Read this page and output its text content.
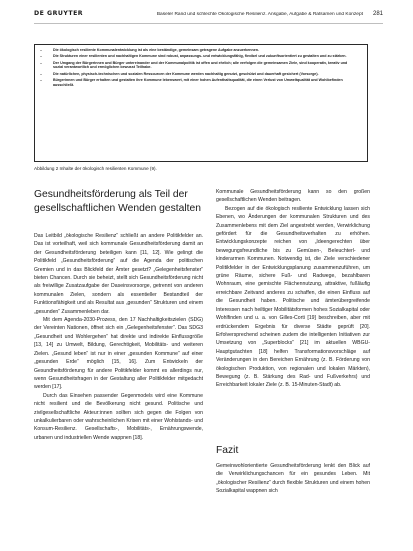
DE GRUYTER	Baseler Rand und schlechte Ökologische Resilienz. Ansgabe, Aufgabe & Ratsamen und Konzept	281
–	Die ökologisch resiliente Kommunalentwicklung ist als eine beständige, gemeinsam getragene Aufgabe anzuerkennen.
–	Die Strukturen einer resilienten und nachhaltigen Kommune sind robust, anpassungs- und entwicklungsfähig, flexibel und zukunftsorientiert zu gestalten und zu stärken.
–	Der Umgang der Bürgerinnen und Bürger untereinander und der Kommunalpolitik ist offen und ehrlich; alle verfolgen die gemeinsamen Ziele, sind kooperativ, kreativ und sozial verantwortlich und ermöglichen bewusst Teilhabe.
–	Die natürlichen, physisch-technischen und sozialen Ressourcen der Kommune werden nachhaltig genutzt, geschützt und dauerhaft gesichert (Vorsorge).
–	Bürgerinnen und Bürger erhalten und gestalten ihre Kommune lebenswert, mit einer hohen Aufenthaltsqualität, die einen Verlust von Umweltqualität und Wohlbefinden ausschließt.
Abbildung 2 Inhalte der ökologisch resilienten Kommune (9).
Gesundheitsförderung als Teil der gesellschaftlichen Wenden gestalten

Das Leitbild „ökologische Resilienz“ schließt an andere Politikfelder an. Das ist vorteilhaft, weil sich kommunale Gesundheitsförderung damit an der Gesundheitsförderung beteiligen kann [11, 12]. Wie gelingt die Politikfeld „Gesundheitsförderung“ auf die Agenda der politischen Gremien und in das Blickfeld der Ämter gesetzt? „Gelegenheitsfenster“ bieten Chancen. Durch sie beheizt, stellt sich Gesundheitsförderung nicht als freiwillige Zusatzaufgabe der Daseinsvorsorge, getrennt von anderen kommunalen Zielen, sondern als essentieller Bestandteil der Funktionsfähigkeit und als Resultat aus „gesunden“ Strukturen und einem „gesunden“ Zusammenleben dar.

Mit dem Agenda-2030-Prozess, den 17 Nachhaltigkeitszielen (SDG) der Vereinten Nationen, öffnet sich ein „Gelegenheitsfenster“. Das SDG3 „Gesundheit und Wohlergehen“ hat direkte und indirekte Einflussgröße [13, 14] zu Umwelt, Bildung, Gerechtigkeit, Mobilitäts- und weiteren Zielen. „Gesund leben“ ist nur in einer „gesunden Kommune“ auf einer „gesunden Erde“ möglich [15, 16]. Zum Entwickeln der Gesundheitsförderung für andere Politikfelder kommt es allerdings nur, wenn Gesundheitsfragen in der Gestaltung aller Politikfelder mitgedacht werden [17].

Durch das Einsehen passender Gegenmodels wird eine Kommune nicht resilient und die Bevölkerung nicht gesund. Politische und zivilgesellschaftliche Akteur:innen sollten sich gegen die Folgen von unkalkulierbaren oder wahrscheinlichen Krisen mit einer Wohlstands- und Konsum-Resilienz. Gesellschafts-, Mobilitäts-, Ernährungswende, urbanen und industriellen Wende wappnen [18].

Kommunale Gesundheitsförderung kann so den großen gesellschaftlichen Wenden beitragen.

Bezogen auf die ökologisch resiliente Entwicklung lassen sich Ebenen, wo Änderungen der kommunalen Strukturen und des Zusammenlebens mit dem Ziel angestrebt werden, Verwirklichung gefördert für die Gesundheitsverhalten zu erhöhen. Entwicklungskonzepte reichen von „Ideengerechten über bewegungsfreundliche bis zu Gemüsen-, Beleuchterl- und kinderarmen Kommunen. Notwendig ist, die Ziele verschiedener Politikfelder in der Entwicklungsplanung zusammenzuführen, um grüne Räume, sichere Fuß- und Radwege, bezahlbaren Wohnraum, eine gemischte Flächennutzung, attraktive, fußläufig erreichbare Zeitvand anderes zu schaffen, die einen Einfluss auf die Gesundheit haben. Politische und ämterübergreifende Interessen nach heiltiger Mobilitätsformen hohes Sozialkapital oder Wohlfinden und u. a. von Gilles-Corti [19] beschreiben, aber mit erdrückendem Ergebnis für diverse Städte geprüft [20]. Erfolversprechend scheinen zudem die intelligenten Initiativen zur Umsetzung von „Superblocks“ [21] im aktuellen WBGU-Hauptgutachten [18] helfen Transformationsvorschläge auf Veränderungen in den Bereichen Ernährung (z. B. Förderung von ökologischen Produktion, von regionalen und lokalen Märkten), Bewegung (z. B. Stärkung des Rad- und Fußverkehrs) und Erreichbarkeit lokaler Ziele (z. B. 15-Minuten-Stadt) ab.

Fazit

Gemeinwohlorientierte Gesundheitsförderung lenkt den Blick auf die Verwirklichungschancen für ein gesundes Leben. Mit „ökologischer Resilienz“ durch flexible Strukturen und einem hohen Sozialkapital wappnen sich
